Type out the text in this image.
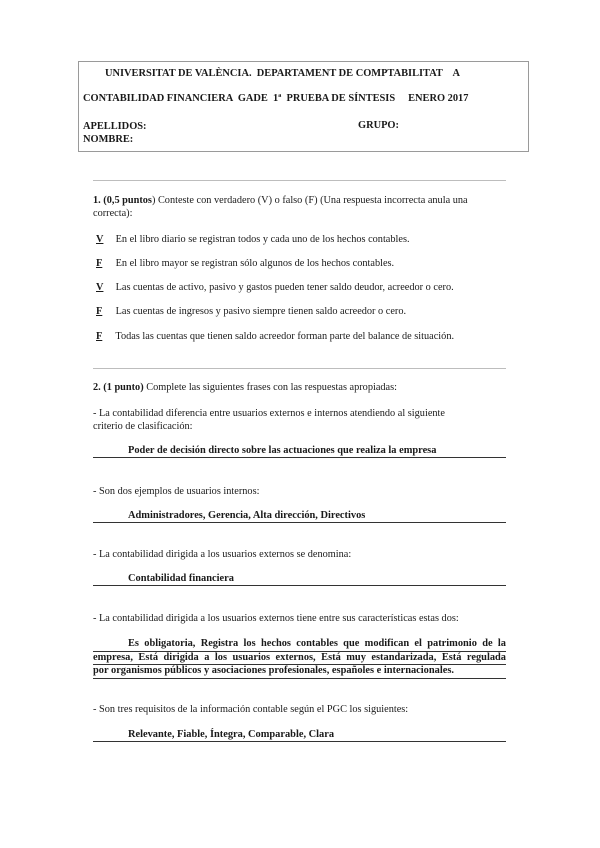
UNIVERSITAT DE VALÈNCIA.  DEPARTAMENT DE COMPTABILITAT    A
CONTABILIDAD FINANCIERA  GADE  1ª  PRUEBA DE SÍNTESIS     ENERO 2017
APELLIDOS:
NOMBRE:
GRUPO:
1. (0,5 puntos) Conteste con verdadero (V) o falso (F) (Una respuesta incorrecta anula una
correcta):
V En el libro diario se registran todos y cada uno de los hechos contables.
F En el libro mayor se registran sólo algunos de los hechos contables.
V Las cuentas de activo, pasivo y gastos pueden tener saldo deudor, acreedor o cero.
F Las cuentas de ingresos y pasivo siempre tienen saldo acreedor o cero.
F Todas las cuentas que tienen saldo acreedor forman parte del balance de situación.
2. (1 punto) Complete las siguientes frases con las respuestas apropiadas:
- La contabilidad diferencia entre usuarios externos e internos atendiendo al siguiente
criterio de clasificación:
Poder de decisión directo sobre las actuaciones que realiza la empresa
- Son dos ejemplos de usuarios internos:
Administradores, Gerencia, Alta dirección, Directivos
- La contabilidad dirigida a los usuarios externos se denomina:
Contabilidad financiera
- La contabilidad dirigida a los usuarios externos tiene entre sus características estas dos:
Es obligatoria, Registra los hechos contables que modifican el patrimonio de la
empresa, Está dirigida a los usuarios externos, Está muy estandarizada, Está regulada
por organismos públicos y asociaciones profesionales, españoles e internacionales.
- Son tres requisitos de la información contable según el PGC los siguientes:
Relevante, Fiable, Íntegra, Comparable, Clara
